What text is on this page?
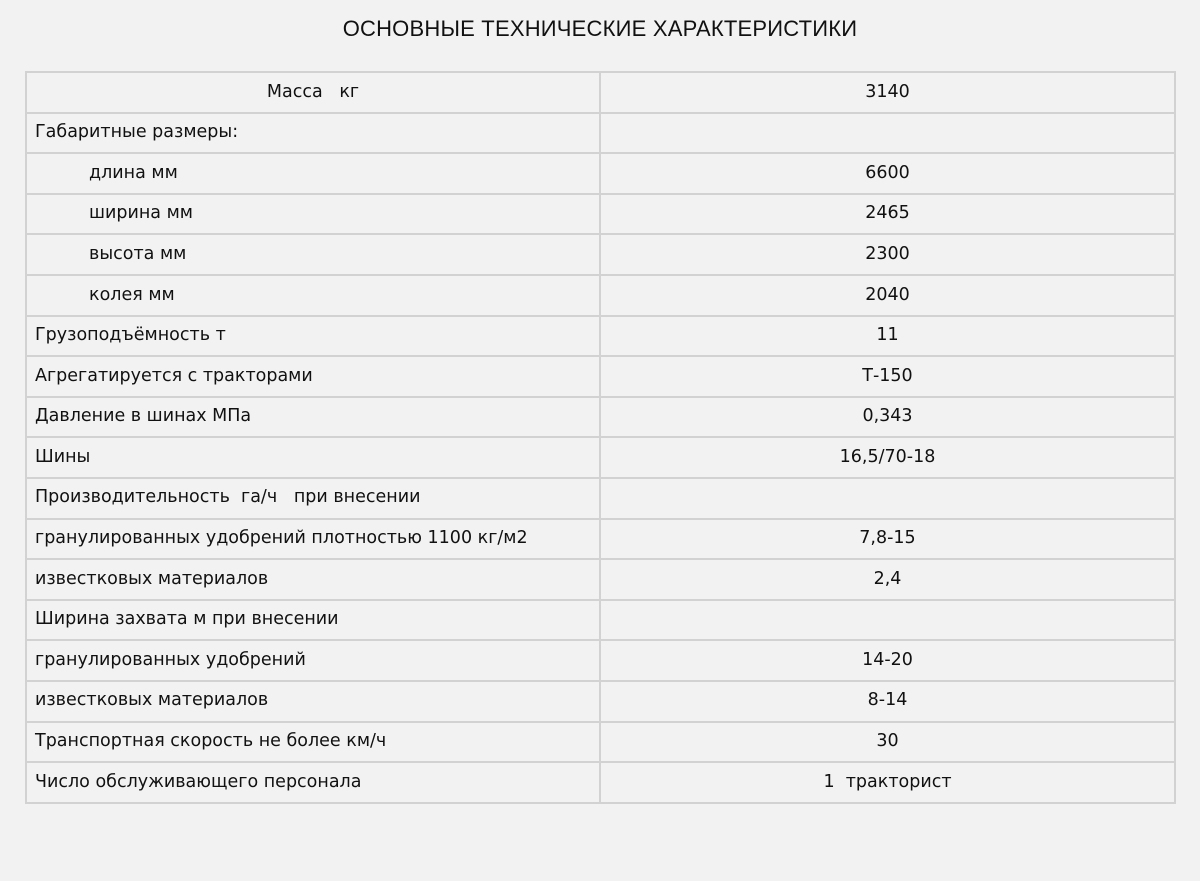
ОСНОВНЫЕ ТЕХНИЧЕСКИЕ ХАРАКТЕРИСТИКИ
Масса   кг	3140
Габаритные размеры:	
длина мм	6600
ширина мм	2465
высота мм	2300
колея мм	2040
Грузоподъёмность т	11
Агрегатируется с тракторами	Т-150
Давление в шинах МПа	0,343
Шины	16,5/70-18
Производительность  га/ч   при внесении	
гранулированных удобрений плотностью 1100 кг/м2	7,8-15
известковых материалов	2,4
Ширина захвата м при внесении	
гранулированных удобрений	14-20
известковых материалов	8-14
Транспортная скорость не более км/ч	30
Число обслуживающего персонала	1  тракторист
